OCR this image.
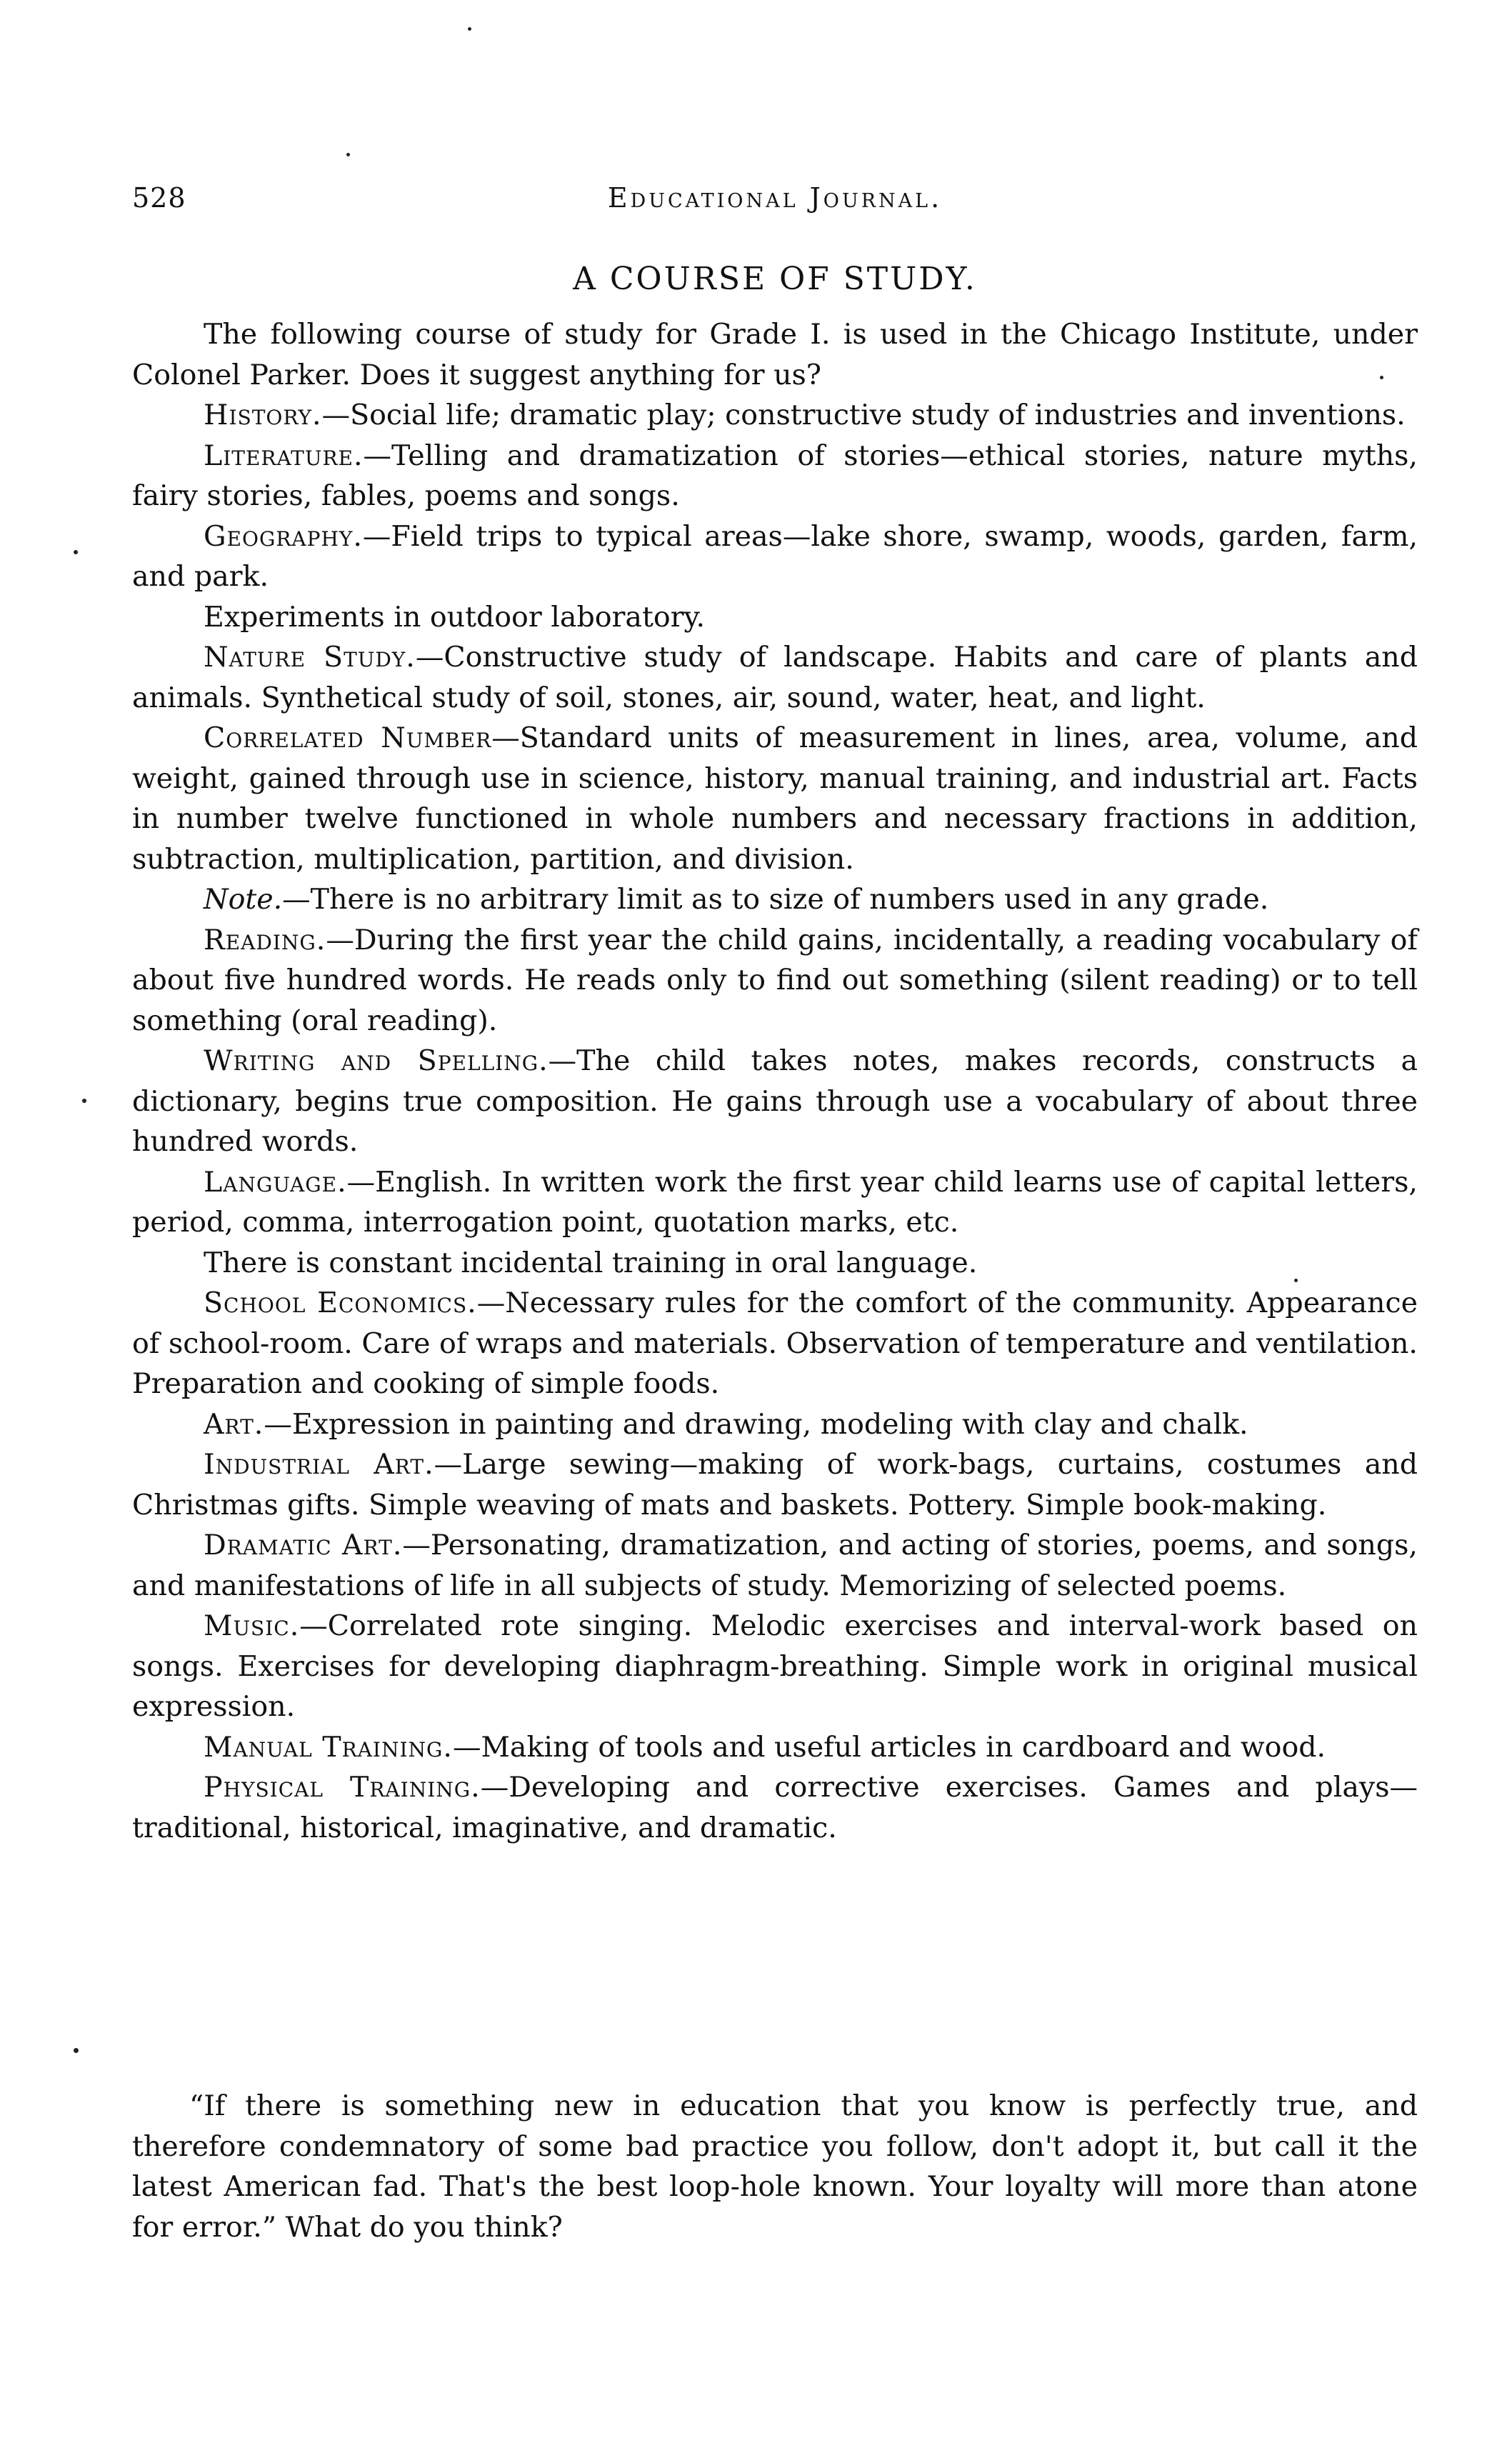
528	Educational Journal.
A COURSE OF STUDY.

The following course of study for Grade I. is used in the Chicago Institute, under Colonel Parker. Does it suggest anything for us?

History.—Social life; dramatic play; constructive study of industries and inventions.

Literature.—Telling and dramatization of stories—ethical stories, nature myths, fairy stories, fables, poems and songs.

Geography.—Field trips to typical areas—lake shore, swamp, woods, garden, farm, and park.

Experiments in outdoor laboratory.

Nature Study.—Constructive study of landscape. Habits and care of plants and animals. Synthetical study of soil, stones, air, sound, water, heat, and light.

Correlated Number—Standard units of measurement in lines, area, volume, and weight, gained through use in science, history, manual training, and industrial art. Facts in number twelve functioned in whole numbers and necessary fractions in addition, subtraction, multiplication, partition, and division.

Note.—There is no arbitrary limit as to size of numbers used in any grade.

Reading.—During the first year the child gains, incidentally, a reading vocabulary of about five hundred words. He reads only to find out something (silent reading) or to tell something (oral reading).

Writing and Spelling.—The child takes notes, makes records, constructs a dictionary, begins true composition. He gains through use a vocabulary of about three hundred words.

Language.—English. In written work the first year child learns use of capital letters, period, comma, interrogation point, quotation marks, etc.

There is constant incidental training in oral language.

School Economics.—Necessary rules for the comfort of the community. Appearance of school-room. Care of wraps and materials. Observation of temperature and ventilation. Preparation and cooking of simple foods.

Art.—Expression in painting and drawing, modeling with clay and chalk.

Industrial Art.—Large sewing—making of work-bags, curtains, costumes and Christmas gifts. Simple weaving of mats and baskets. Pottery. Simple book-making.

Dramatic Art.—Personating, dramatization, and acting of stories, poems, and songs, and manifestations of life in all subjects of study. Memorizing of selected poems.

Music.—Correlated rote singing. Melodic exercises and interval-work based on songs. Exercises for developing diaphragm-breathing. Simple work in original musical expression.

Manual Training.—Making of tools and useful articles in cardboard and wood.

Physical Training.—Developing and corrective exercises. Games and plays—traditional, historical, imaginative, and dramatic.

“If there is something new in education that you know is perfectly true, and therefore condemnatory of some bad practice you follow, don't adopt it, but call it the latest American fad. That's the best loop-hole known. Your loyalty will more than atone for error.” What do you think?
